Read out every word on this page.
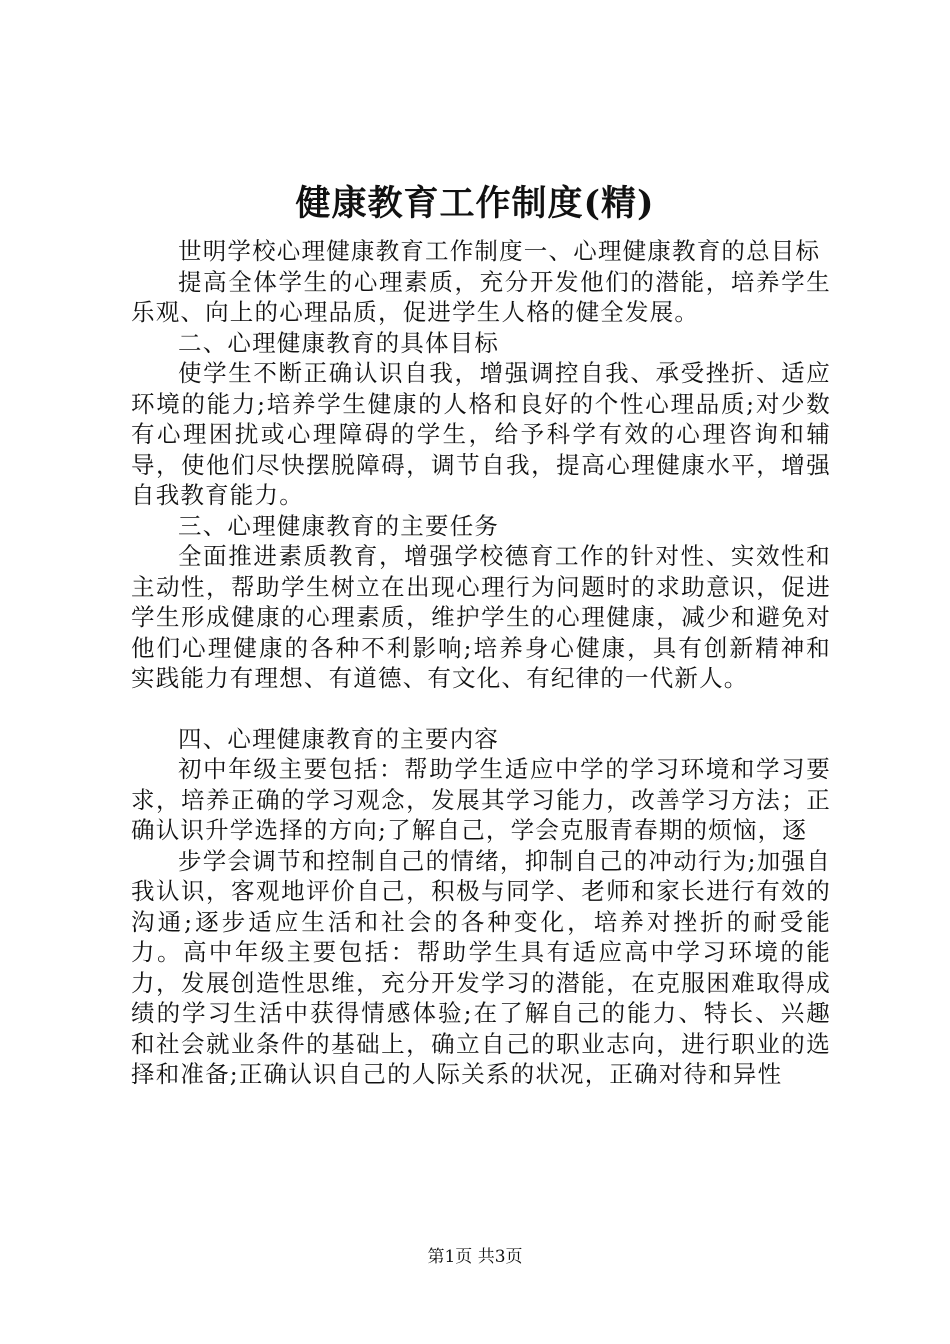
健康教育工作制度(精)

世明学校心理健康教育工作制度一、心理健康教育的总目标

提高全体学生的心理素质，充分开发他们的潜能，培养学生乐观、向上的心理品质，促进学生人格的健全发展。

二、心理健康教育的具体目标

使学生不断正确认识自我，增强调控自我、承受挫折、适应环境的能力;培养学生健康的人格和良好的个性心理品质;对少数有心理困扰或心理障碍的学生，给予科学有效的心理咨询和辅导，使他们尽快摆脱障碍，调节自我，提高心理健康水平，增强自我教育能力。

三、心理健康教育的主要任务

全面推进素质教育，增强学校德育工作的针对性、实效性和主动性，帮助学生树立在出现心理行为问题时的求助意识，促进学生形成健康的心理素质，维护学生的心理健康，减少和避免对他们心理健康的各种不利影响;培养身心健康，具有创新精神和实践能力有理想、有道德、有文化、有纪律的一代新人。

四、心理健康教育的主要内容

初中年级主要包括：帮助学生适应中学的学习环境和学习要求，培养正确的学习观念，发展其学习能力，改善学习方法；正确认识升学选择的方向;了解自己，学会克服青春期的烦恼，逐

步学会调节和控制自己的情绪，抑制自己的冲动行为;加强自我认识，客观地评价自己，积极与同学、老师和家长进行有效的沟通;逐步适应生活和社会的各种变化，培养对挫折的耐受能力。高中年级主要包括：帮助学生具有适应高中学习环境的能力，发展创造性思维，充分开发学习的潜能，在克服困难取得成绩的学习生活中获得情感体验;在了解自己的能力、特长、兴趣和社会就业条件的基础上，确立自己的职业志向，进行职业的选择和准备;正确认识自己的人际关系的状况，正确对待和异性

第1页 共3页
